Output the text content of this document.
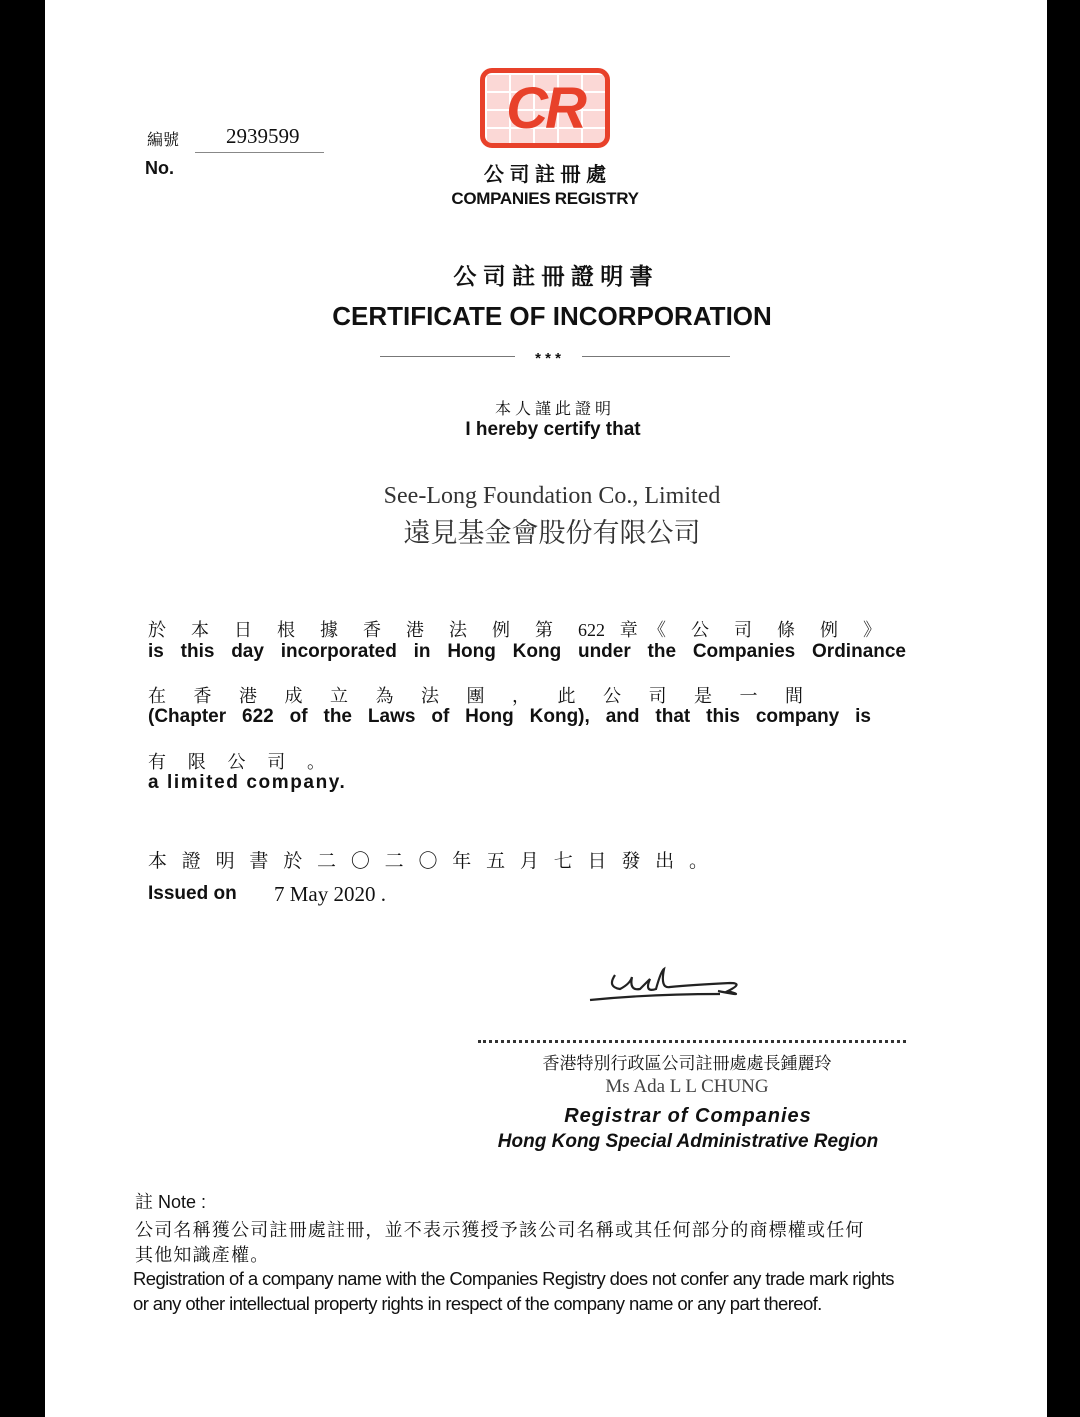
編號 2939599
No.
CR
公 司 註 冊 處
COMPANIES REGISTRY
公 司 註 冊 證 明 書
CERTIFICATE OF INCORPORATION
* * *
本 人 謹 此 證 明
I hereby certify that
See-Long Foundation Co., Limited
遠見基金會股份有限公司
於 本 日 根 據 香 港 法 例 第 622 章《 公 司 條 例 》
is this day incorporated in Hong Kong under the Companies Ordinance
在 香 港 成 立 為 法 團 ， 此 公 司 是 一 間
(Chapter 622 of the Laws of Hong Kong), and that this company is
有 限 公 司 。
a limited company.
本 證 明 書 於 二 〇 二 〇 年 五 月 七 日 發 出 。
Issued on 7 May 2020 .
香港特別行政區公司註冊處處長鍾麗玲
Ms Ada L L CHUNG
Registrar of Companies
Hong Kong Special Administrative Region
註 Note :
公司名稱獲公司註冊處註冊，並不表示獲授予該公司名稱或其任何部分的商標權或任何
其他知識產權。
Registration of a company name with the Companies Registry does not confer any trade mark rights
or any other intellectual property rights in respect of the company name or any part thereof.
炎
